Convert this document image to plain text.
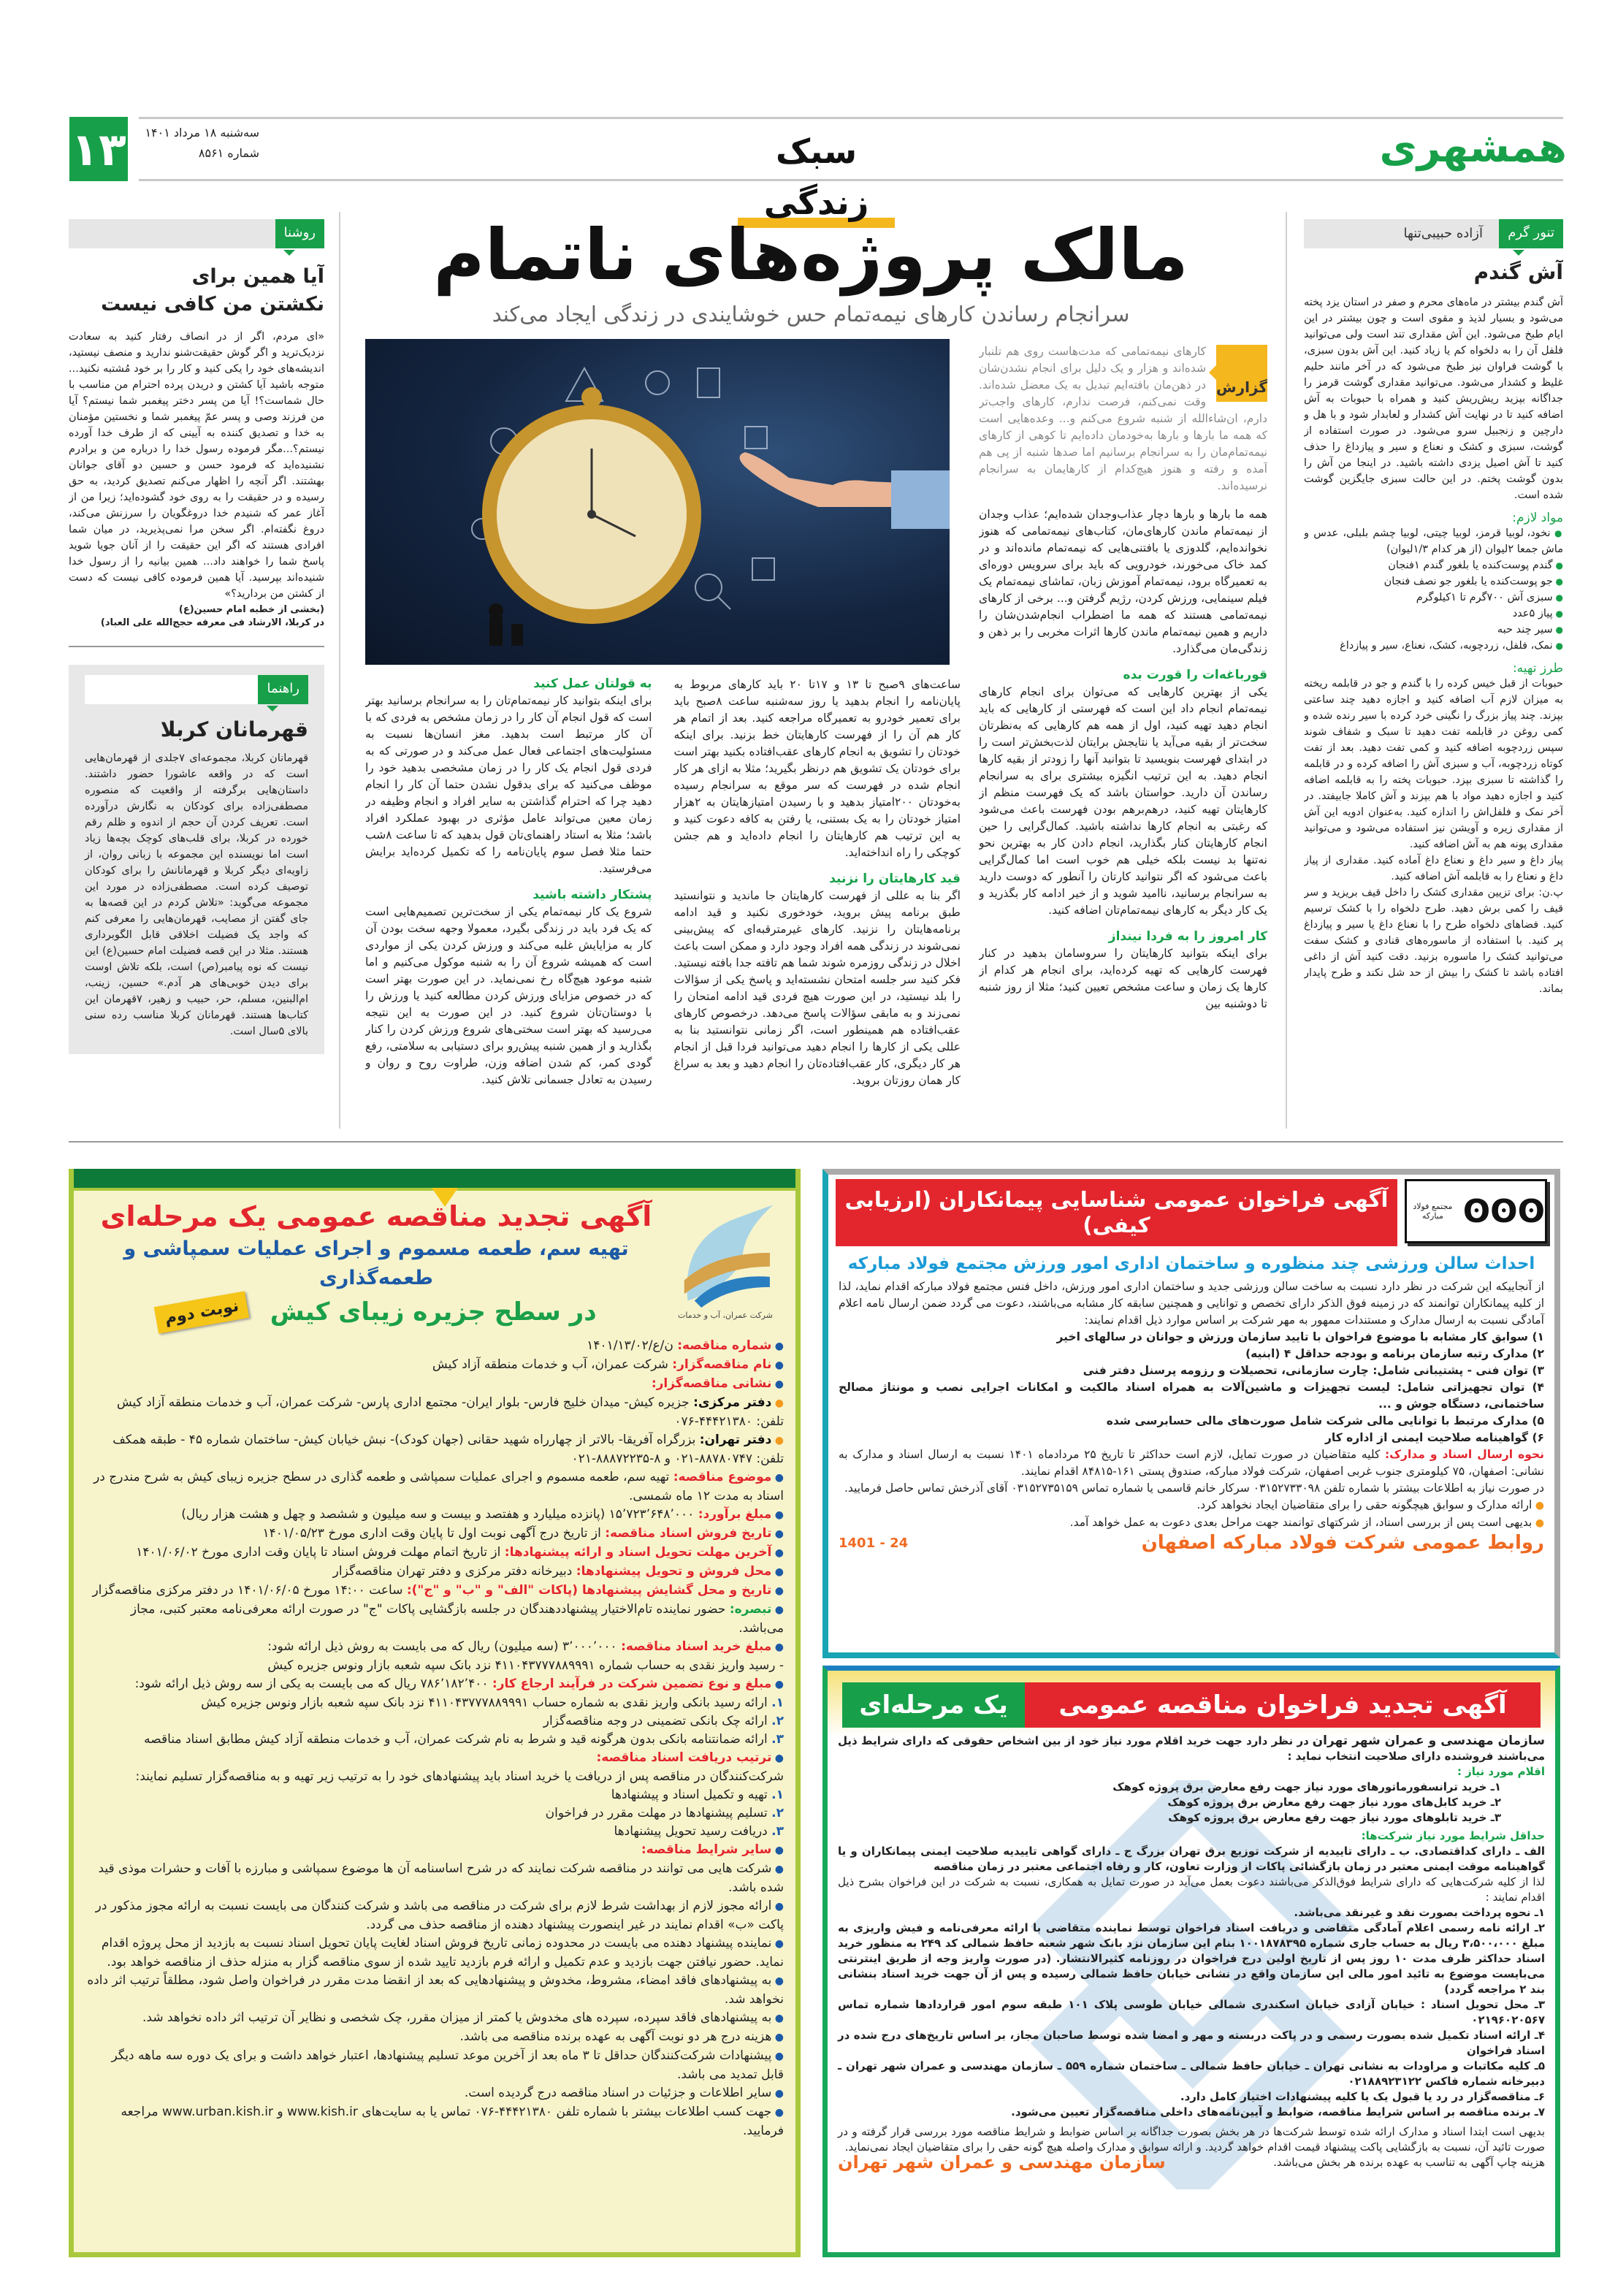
۱۳	سه‌شنبه ۱۸ مرداد ۱۴۰۱
شماره ۸۵۶۱	سبک زندگی
همشهری
روشنا
آیا همین برای
نکشتن من کافی نیست

«ای مردم، اگر از در انصاف رفتار کنید به سعادت نزدیک‌ترید و اگر گوش حقیقت‌شنو ندارید و منصف نیستید، اندیشه‌های خود را یکی کنید و کار را بر خود مُشتبه نکنید... متوجه باشید آیا کشتن و دریدن پرده احترام من مناسب با حال شماست؟! آیا من پسر دختر پیغمبر شما نیستم؟ آیا من فرزند وصی و پسر عمّ پیغمبر شما و نخستین مؤمنان به خدا و تصدیق کننده به آیینی که از طرف خدا آورده نیستم؟...مگر فرموده رسول خدا را درباره من و برادرم نشنیده‌اید که فرمود حسن و حسین دو آقای جوانان بهشتند. اگر آنچه را اظهار می‌کنم تصدیق کردید، به حق رسیده و در حقیقت را به روی خود گشوده‌اید؛ زیرا من از آغاز عمر که شنیدم خدا دروغگویان را سرزنش می‌کند، دروغ نگفته‌ام. اگر سخن مرا نمی‌پذیرید، در میان شما افرادی هستند که اگر این حقیقت را از آنان جویا شوید پاسخ شما را خواهند داد... همین بیانیه را از رسول خدا شنیده‌اند بپرسید. آیا همین فرموده کافی نیست که دست از کشتن من بردارید؟»

(بخشی از خطبه امام حسین(ع)
در کربلا، الارشاد فی معرفه حجج‌الله علی العباد)
راهنما
قهرمانان کربلا

قهرمانان کربلا، مجموعه‌ای ۷جلدی از قهرمان‌هایی است که در واقعه عاشورا حضور داشتند. داستان‌هایی برگرفته از واقعیت که منصوره مصطفی‌زاده برای کودکان به نگارش درآورده است. تعریف کردن آن حجم از اندوه و ظلم رقم خورده در کربلا، برای قلب‌های کوچک بچه‌ها زیاد است اما نویسنده این مجموعه با زبانی روان، از زاویه‌ای دیگر کربلا و قهرمانانش را برای کودکان توصیف کرده است. مصطفی‌زاده در مورد این مجموعه می‌گوید: «تلاش کردم در این قصه‌ها به جای گفتن از مصایب، قهرمان‌هایی را معرفی کنم که واجد یک فضیلت اخلاقی قابل الگوبرداری هستند. مثلا در این قصه فضیلت امام حسین(ع) این نیست که نوه پیامبر(ص) است، بلکه تلاش اوست برای دیدن خوبی‌های هر آدم.» حسین، زینب، ام‌البنین، مسلم، حر، حبیب و زهیر، ۷قهرمان این کتاب‌ها هستند. قهرمانان کربلا مناسب رده سنی بالای ۵سال است.

مالک پروژه‌های ناتمام
سرانجام رساندن کارهای نیمه‌تمام حس خوشایندی در زندگی ایجاد می‌کند
گزارش

کارهای نیمه‌تمامی که مدت‌هاست روی هم تلنبار شده‌اند و هزار و یک دلیل برای انجام نشدن‌شان در ذهن‌مان بافته‌ایم تبدیل به یک معضل شده‌اند. وقت نمی‌کنم، فرصت ندارم، کارهای واجب‌تر دارم، ان‌شاءالله از شنبه شروع می‌کنم و... وعده‌هایی است که همه ما بارها و بارها به‌خودمان داده‌ایم تا کوهی از کارهای نیمه‌تمام‌مان را به سرانجام برسانیم اما صدها شنبه از پی هم آمده و رفته و هنوز هیچ‌کدام از کارهایمان به سرانجام نرسیده‌اند.

همه ما بارها و بارها دچار عذاب‌وجدان شده‌ایم؛ عذاب وجدان از نیمه‌تمام ماندن کارهای‌مان، کتاب‌های نیمه‌تمامی که هنوز نخوانده‌ایم، گلدوزی یا بافتنی‌هایی که نیمه‌تمام مانده‌اند و در کمد خاک می‌خورند، خودرویی که باید برای سرویس دوره‌ای به تعمیرگاه برود، نیمه‌تمام آموزش زبان، تماشای نیمه‌تمام یک فیلم سینمایی، ورزش کردن، رژیم گرفتن و... برخی از کارهای نیمه‌تمامی هستند که همه ما اضطراب انجام‌شدن‌شان را داریم و همین نیمه‌تمام ماندن کارها اثرات مخربی را بر ذهن و زندگی‌مان می‌گذارد.

قورباغه‌ات را قورت بده

یکی از بهترین کارهایی که می‌توان برای انجام کارهای نیمه‌تمام انجام داد این است که فهرستی از کارهایی که باید انجام دهید تهیه کنید، اول از همه هم کارهایی که به‌نظرتان سخت‌تر از بقیه می‌آید یا نتایجش برایتان لذت‌بخش‌تر است را در ابتدای فهرست بنویسید تا بتوانید آنها را زودتر از بقیه کارها انجام دهید. به این ترتیب انگیزه بیشتری برای به سرانجام رساندن آن دارید. حواستان باشد که یک فهرست منظم از کارهایتان تهیه کنید، درهم‌برهم بودن فهرست باعث می‌شود که رغبتی به انجام کارها نداشته باشید. کمال‌گرایی را حین انجام کارهایتان کنار بگذارید، انجام دادن کار به بهترین نحو نه‌تنها بد نیست بلکه خیلی هم خوب است اما کمال‌گرایی باعث می‌شود که اگر نتوانید کارتان را آنطور که دوست دارید به سرانجام برسانید، ناامید شوید و از خیر ادامه کار بگذرید و یک کار دیگر به کارهای نیمه‌تمام‌تان اضافه کنید.

کار امروز را به فردا نینداز

برای اینکه بتوانید کارهایتان را سروسامان بدهید در کنار فهرست کارهایی که تهیه کرده‌اید، برای انجام هر کدام از کارها یک زمان و ساعت مشخص تعیین کنید؛ مثلا از روز شنبه تا دوشنبه بین

ساعت‌های ۹صبح تا ۱۳ و ۱۷تا ۲۰ باید کارهای مربوط به پایان‌نامه را انجام بدهید یا روز سه‌شنبه ساعت ۸صبح باید برای تعمیر خودرو به تعمیرگاه مراجعه کنید. بعد از اتمام هر کار هم آن را از فهرست کارهایتان خط بزنید. برای اینکه خودتان را تشویق به انجام کارهای عقب‌افتاده بکنید بهتر است برای خودتان یک تشویق هم درنظر بگیرید؛ مثلا به ازای هر کار انجام شده در فهرست که سر موقع به سرانجام رسیده به‌خودتان ۲۰۰امتیاز بدهید و با رسیدن امتیازهایتان به ۲هزار امتیاز خودتان را به یک بستنی، یا رفتن به کافه دعوت کنید و به این ترتیب هم کارهایتان را انجام داده‌اید و هم جشن کوچکی را راه انداخته‌اید.

قید کارهایتان را نزنید

اگر بنا به عللی از فهرست کارهایتان جا ماندید و نتوانستید طبق برنامه پیش بروید، خودخوری نکنید و قید ادامه برنامه‌هایتان را نزنید. کارهای غیرمترقبه‌ای که پیش‌بینی نمی‌شوند در زندگی همه افراد وجود دارد و ممکن است باعث اخلال در زندگی روزمره شوند شما هم تافته جدا بافته نیستید. فکر کنید سر جلسه امتحان نشسته‌اید و پاسخ یکی از سؤالات را بلد نیستید، در این صورت هیچ فردی قید ادامه امتحان را نمی‌زند و به مابقی سؤالات پاسخ می‌دهد. درخصوص کارهای عقب‌افتاده هم همینطور است، اگر زمانی نتوانستید بنا به عللی یکی از کارها را انجام دهید می‌توانید فردا قبل از انجام هر کار دیگری، کار عقب‌افتاده‌تان را انجام دهید و بعد به سراغ کار همان روزتان بروید.

به قولتان عمل کنید

برای اینکه بتوانید کار نیمه‌تمام‌تان را به سرانجام برسانید بهتر است که قول انجام آن کار را در زمان مشخص به فردی که با آن کار مرتبط است بدهید. مغز انسان‌ها نسبت به مسئولیت‌های اجتماعی فعال عمل می‌کند و در صورتی که به فردی قول انجام یک کار را در زمان مشخصی بدهید خود را موظف می‌کنید که برای بدقول نشدن حتما آن کار را انجام دهید چرا که احترام گذاشتن به سایر افراد و انجام وظیفه در زمان معین می‌تواند عامل مؤثری در بهبود عملکرد افراد باشد؛ مثلا به استاد راهنمای‌تان قول بدهید که تا ساعت ۸شب حتما مثلا فصل سوم پایان‌نامه را که تکمیل کرده‌اید برایش می‌فرستید.

پشتکار داشته باشید

شروع یک کار نیمه‌تمام یکی از سخت‌ترین تصمیم‌هایی است که یک فرد باید در زندگی بگیرد، معمولا وجهه سخت بودن آن کار به مزایایش غلبه می‌کند و ورزش کردن یکی از مواردی است که همیشه شروع آن را به شنبه موکول می‌کنیم و اما شنبه موعود هیچ‌گاه رخ نمی‌نماید. در این صورت بهتر است که در خصوص مزایای ورزش کردن مطالعه کنید یا ورزش را با دوستان‌تان شروع کنید. در این صورت به این نتیجه می‌رسید که بهتر است سختی‌های شروع ورزش کردن را کنار بگذارید و از همین شنبه پیش‌رو برای دستیابی به سلامتی، رفع گودی کمر، کم شدن اضافه وزن، طراوت روح و روان و رسیدن به تعادل جسمانی تلاش کنید.

تنور گرم
آزاده حبیبی‌تنها
آش گندم

آش گندم بیشتر در ماه‌های محرم و صفر در استان یزد پخته می‌شود و بسیار لذیذ و مقوی است و چون بیشتر در این ایام طبخ می‌شود. این آش مقداری تند است ولی می‌توانید فلفل آن را به دلخواه کم یا زیاد کنید. این آش بدون سبزی، با گوشت فراوان نیز طبخ می‌شود که در آخر مانند حلیم غلیظ و کشدار می‌شود. می‌توانید مقداری گوشت قرمز را جداگانه بپزید ریش‌ریش کنید و همراه با حبوبات به آش اضافه کنید تا در نهایت آش کشدار و لعابدار شود و با هل و دارچین و زنجبیل سرو می‌شود. در صورت استفاده از گوشت، سبزی و کشک و نعناع و سیر و پیازداغ را حذف کنید تا آش اصیل یزدی داشته باشید. در اینجا من آش را بدون گوشت پختم. در این حالت سبزی جایگزین گوشت شده است.

مواد لازم:
● نخود، لوبیا قرمز، لوبیا چیتی، لوبیا چشم بلبلی، عدس و ماش جمعا ۲لیوان (از هر کدام ۱/۳لیوان)
● گندم پوست‌کنده یا بلغور گندم ۱فنجان
● جو پوست‌کنده یا بلغور جو نصف فنجان
● سبزی آش ۷۰۰گرم تا ۱کیلوگرم
● پیاز ۵عدد
● سیر چند حبه
● نمک، فلفل، زردچوبه، کشک، نعناع، سیر و پیازداغ
طرز تهیه:

حبوبات از قبل خیس کرده را با گندم و جو در قابلمه ریخته به میزان لازم آب اضافه کنید و اجازه دهید چند ساعتی بپزند. چند پیاز بزرگ را نگینی خرد کرده با سیر رنده شده و کمی روغن در قابلمه تفت دهید تا سبک و شفاف شوند سپس زردچوبه اضافه کنید و کمی تفت دهید. بعد از تفت کوتاه زردچوبه، آب و سبزی آش را اضافه کرده و در قابلمه را گذاشته تا سبزی بپزد. حبوبات پخته را به قابلمه اضافه کنید و اجازه دهید مواد با هم بپزند و آش کاملا جابیفتد. در آخر نمک و فلفل‌اش را اندازه کنید. به‌عنوان ادویه این آش از مقداری زیره و آویشن نیز استفاده می‌شود و می‌توانید مقداری پونه هم به آش اضافه کنید.

پیاز داغ و سیر داغ و نعناع داغ آماده کنید. مقداری از پیاز داغ و نعناع را به قابلمه آش اضافه کنید.

پ.ن: برای تزیین مقداری کشک را داخل قیف بریزید و سر قیف را کمی برش دهید. طرح دلخواه را با کشک ترسیم کنید. فضاهای دلخواه طرح را با نعناع داغ یا سیر و پیازداغ پر کنید. با استفاده از ماسوره‌های قنادی و کشک سفت می‌توانید کشک را ماسوره بزنید. دقت کنید آش از داغی افتاده باشد تا کشک را بیش از حد شل نکند و طرح پایدار بماند.

شرکت عمران، آب و خدمات
آگهی تجدید مناقصه عمومی یک مرحله‌ای
تهیه سم، طعمه مسموم و اجرای عملیات سمپاشی و طعمه‌گذاری
در سطح جزیره زیبای کیش
نوبت دوم
● شماره مناقصه: ن/ع/۱۴۰۱/۱۳/۰۲
● نام مناقصه‌گزار: شرکت عمران، آب و خدمات منطقه آزاد کیش
● نشانی مناقصه‌گزار:
● دفتر مرکزی: جزیره کیش- میدان خلیج فارس- بلوار ایران- مجتمع اداری پارس- شرکت عمران، آب و خدمات منطقه آزاد کیش تلفن: ۴۴۴۲۱۳۸۰-۰۷۶
● دفتر تهران: بزرگراه آفریقا- بالاتر از چهارراه شهید حقانی (جهان کودک)- نبش خیابان کیش- ساختمان شماره ۴۵ - طبقه همکف تلفن: ۸۸۷۸۰۷۴۷-۰۲۱ و ۸-۸۸۸۷۲۲۳۵-۰۲۱
● موضوع مناقصه: تهیه سم، طعمه مسموم و اجرای عملیات سمپاشی و طعمه گذاری در سطح جزیره زیبای کیش به شرح مندرج در اسناد به مدت ۱۲ ماه شمسی.
● مبلغ برآورد: ۱۵٬۷۲۳٬۶۴۸٬۰۰۰ (پانزده میلیارد و هفتصد و بیست و سه میلیون و ششصد و چهل و هشت هزار ریال)
● تاریخ فروش اسناد مناقصه: از تاریخ درج آگهی نوبت اول تا پایان وقت اداری مورخ ۱۴۰۱/۰۵/۲۳
● آخرین مهلت تحویل اسناد و ارائه پیشنهادها: از تاریخ اتمام مهلت فروش اسناد تا پایان وقت اداری مورخ ۱۴۰۱/۰۶/۰۲
● محل فروش و تحویل پیشنهادها: دبیرخانه دفتر مرکزی و دفتر تهران مناقصه‌گزار
● تاریخ و محل گشایش پیشنهادها (پاکات "الف" و "ب" و "ج"): ساعت ۱۴:۰۰ مورخ ۱۴۰۱/۰۶/۰۵ در دفتر مرکزی مناقصه‌گزار
● تبصره: حضور نماینده تام‌الاختیار پیشنهاددهندگان در جلسه بازگشایی پاکات "ج" در صورت ارائه معرفی‌نامه معتبر کتبی، مجاز می‌باشد.
● مبلغ خرید اسناد مناقصه: ۳٬۰۰۰٬۰۰۰ (سه میلیون) ریال که می بایست به روش ذیل ارائه شود:
- رسید واریز نقدی به حساب شماره ۴۱۱۰۴۳۷۷۷۸۸۹۹۹۱ نزد بانک سپه شعبه بازار ونوس جزیره کیش
● مبلغ و نوع تضمین شرکت در فرآیند ارجاع کار: ۷۸۶٬۱۸۲٬۴۰۰ ریال که می بایست به یکی از سه روش ذیل ارائه شود:
۱. ارائه رسید بانکی واریز نقدی به شماره حساب ۴۱۱۰۴۳۷۷۷۸۸۹۹۹۱ نزد بانک سپه شعبه بازار ونوس جزیره کیش
۲. ارائه چک بانکی تضمینی در وجه مناقصه‌گزار
۳. ارائه ضمانتنامه بانکی بدون هرگونه قید و شرط به نام شرکت عمران، آب و خدمات منطقه آزاد کیش مطابق اسناد مناقصه
● ترتیب دریافت اسناد مناقصه:
شرکت‌کنندگان در مناقصه پس از دریافت یا خرید اسناد باید پیشنهادهای خود را به ترتیب زیر تهیه و به مناقصه‌گزار تسلیم نمایند:
۱. تهیه و تکمیل اسناد و پیشنهادها
۲. تسلیم پیشنهادها در مهلت مقرر در فراخوان
۳. دریافت رسید تحویل پیشنهادها
● سایر شرایط مناقصه:
● شرکت هایی می توانند در مناقصه شرکت نمایند که در شرح اساسنامه آن ها موضوع سمپاشی و مبارزه با آفات و حشرات موذی قید شده باشد.
● ارائه مجوز لازم از بهداشت شرط لازم برای شرکت در مناقصه می باشد و شرکت کنندگان می بایست نسبت به ارائه مجوز مذکور در پاکت «ب» اقدام نمایند در غیر اینصورت پیشنهاد دهنده از مناقصه حذف می گردد.
● نماینده پیشنهاد دهنده می بایست در محدوده زمانی تاریخ فروش اسناد لغایت پایان تحویل اسناد نسبت به بازدید از محل پروژه اقدام نماید. حضور نیافتن جهت بازدید و عدم تکمیل و ارائه فرم بازدید تایید شده از سوی مناقصه گزار به منزله حذف از مناقصه خواهد بود.
● به پیشنهادهای فاقد امضاء، مشروط، مخدوش و پیشنهادهایی که بعد از انقضا مدت مقرر در فراخوان واصل شود، مطلقاً ترتیب اثر داده نخواهد شد.
● به پیشنهادهای فاقد سپرده، سپرده های مخدوش یا کمتر از میزان مقرر، چک شخصی و نظایر آن ترتیب اثر داده نخواهد شد.
● هزینه درج هر دو نوبت آگهی به عهده برنده مناقصه می باشد.
● پیشنهادات شرکت‌کنندگان حداقل تا ۳ ماه بعد از آخرین موعد تسلیم پیشنهادها، اعتبار خواهد داشت و برای یک دوره سه ماهه دیگر قابل تمدید می باشد.
● سایر اطلاعات و جزئیات در اسناد مناقصه درج گردیده است.
● جهت کسب اطلاعات بیشتر با شماره تلفن ۴۴۴۲۱۳۸۰-۰۷۶ تماس یا به سایت‌های www.kish.ir و www.urban.kish.ir مراجعه فرمایید.
ʘʘʘ
مجتمع فولاد مبارکه
آگهی فراخوان عمومی شناسایی پیمانکاران (ارزیابی کیفی)
احداث سالن ورزشی چند منظوره و ساختمان اداری امور ورزش مجتمع فولاد مبارکه

از آنجاییکه این شرکت در نظر دارد نسبت به ساخت سالن ورزشی جدید و ساختمان اداری امور ورزش، داخل فنس مجتمع فولاد مبارکه اقدام نماید، لذا از کلیه پیمانکاران توانمند که در زمینه فوق الذکر دارای تخصص و توانایی و همچنین سابقه کار مشابه می‌باشند، دعوت می گردد ضمن ارسال نامه اعلام آمادگی نسبت به ارسال مدارک و مستندات ممهور به مهر شرکت بر اساس موارد ذیل اقدام نمایند:

۱) سوابق کار مشابه با موضوع فراخوان با تایید سازمان ورزش و جوانان در سالهای اخیر
۲) مدارک رتبه سازمان برنامه و بودجه حداقل ۴ (ابنیه)
۳) توان فنی - پشتیبانی شامل: چارت سازمانی، تحصیلات و رزومه پرسنل دفتر فنی
۴) توان تجهیزاتی شامل: لیست تجهیزات و ماشین‌آلات به همراه اسناد مالکیت و امکانات اجرایی نصب و مونتاژ مصالح ساختمانی، دستگاه جوش و ...
۵) مدارک مرتبط با توانایی مالی شرکت شامل صورت‌های مالی حسابرسی شده
۶) گواهینامه صلاحیت ایمنی از اداره کار

نحوه ارسال اسناد و مدارک: کلیه متقاضیان در صورت تمایل، لازم است حداکثر تا تاریخ ۲۵ مردادماه ۱۴۰۱ نسبت به ارسال اسناد و مدارک به نشانی: اصفهان، ۷۵ کیلومتری جنوب غربی اصفهان، شرکت فولاد مبارکه، صندوق پستی ۱۶۱-۸۴۸۱۵ اقدام نمایند.

در صورت نیاز به اطلاعات بیشتر با شماره تلفن ۰۳۱۵۲۷۳۳۰۹۸ سرکار خانم قاسمی یا شماره تماس ۰۳۱۵۲۷۳۵۱۵۹ آقای آذرخش تماس حاصل فرمایید.

● ارائه مدارک و سوابق هیچگونه حقی را برای متقاضیان ایجاد نخواهد کرد.
● بدیهی است پس از بررسی اسناد، از شرکتهای توانمند جهت مراحل بعدی دعوت به عمل خواهد آمد.
روابط عمومی شرکت فولاد مبارکه اصفهان
1401 - 24
آگهی تجدید فراخوان مناقصه عمومی
یک مرحله‌ای

سازمان مهندسی و عمران شهر تهران در نظر دارد جهت خرید اقلام مورد نیاز خود از بین اشخاص حقوقی که دارای شرایط ذیل می‌باشند فروشنده دارای صلاحیت انتخاب نماید :

اقلام مورد نیاز :

۱ـ خرید ترانسفورماتورهای مورد نیاز جهت رفع معارض برق پروژه کوهک
۲ـ خرید کابل‌های مورد نیاز جهت رفع معارض برق پروژه کوهک
۳ـ خرید تابلوهای مورد نیاز جهت رفع معارض برق پروژه کوهک

حداقل شرایط مورد نیاز شرکت‌ها:

الف ـ دارای کداقتصادی. ب ـ دارای تاییدیه از شرکت توزیع برق تهران بزرگ ج ـ دارای گواهی تاییدیه صلاحیت ایمنی پیمانکاران و یا گواهینامه موقت ایمنی معتبر در زمان بازگشائی پاکات از وزارت تعاون، کار و رفاه اجتماعی معتبر در زمان مناقصه

لذا از کلیه شرکت‌هایی که دارای شرایط فوق‌الذکر می‌باشند دعوت بعمل می‌آید در صورت تمایل به همکاری، نسبت به شرکت در این فراخوان بشرح ذیل اقدام نمایند :

۱ـ نحوه پرداخت بصورت نقد و غیرنقد می‌باشد.
۲ـ ارائه نامه رسمی اعلام آمادگی متقاضی و دریافت اسناد فراخوان توسط نماینده متقاضی با ارائه معرفی‌نامه و فیش واریزی به مبلغ ۳،۵۰۰،۰۰۰ ریال به حساب جاری شماره ۱۰۰۱۸۷۸۳۹۵ بنام این سازمان نزد بانک شهر شعبه حافظ شمالی کد ۲۴۹ به منظور خرید اسناد حداکثر ظرف مدت ۱۰ روز پس از تاریخ اولین درج فراخوان در روزنامه کثیرالانتشار. (در صورت واریز وجه از طریق اینترنتی می‌بایست موضوع به تائید امور مالی این سازمان واقع در نشانی خیابان حافظ شمالی رسیده و پس از آن جهت خرید اسناد بنشانی بند ۲ مراجعه گردد)
۳ـ محل تحویل اسناد : خیابان آزادی خیابان اسکندری شمالی خیابان طوسی پلاک ۱۰۱ طبقه سوم امور قراردادها شماره تماس ۰۲۱۹۶۰۲۰۵۶۷
۴ـ ارائه اسناد تکمیل شده بصورت رسمی و در پاکت دربسته و مهر و امضا شده توسط صاحبان مجاز، بر اساس تاریخ‌های درج شده در اسناد فراخوان
۵ـ کلیه مکاتبات و مراودات به نشانی تهران ـ خیابان حافظ شمالی ـ ساختمان شماره ۵۵۹ ـ سازمان مهندسی و عمران شهر تهران ـ دبیرخانه شماره فاکس ۰۲۱۸۸۹۲۳۱۲۲
۶ـ مناقصه‌گزار در رد یا قبول یک یا کلیه پیشنهادات اختیار کامل دارد.
۷ـ برنده مناقصه بر اساس شرایط مناقصه، ضوابط و آیین‌نامه‌های داخلی مناقصه‌گزار تعیین می‌شود.

بدیهی است ابتدا اسناد و مدارک ارائه شده توسط شرکت‌ها در هر بخش بصورت جداگانه بر اساس ضوابط و شرایط مناقصه مورد بررسی قرار گرفته و در صورت تائید آن، نسبت به بازگشایی پاکت پیشنهاد قیمت اقدام خواهد گردید. و ارائه سوابق و مدارک واصله هیچ گونه حقی را برای متقاضیان ایجاد نمی‌نماید.

هزینه چاپ آگهی به تناسب به عهده برنده هر بخش می‌باشد.

سازمان مهندسی و عمران شهر تهران
